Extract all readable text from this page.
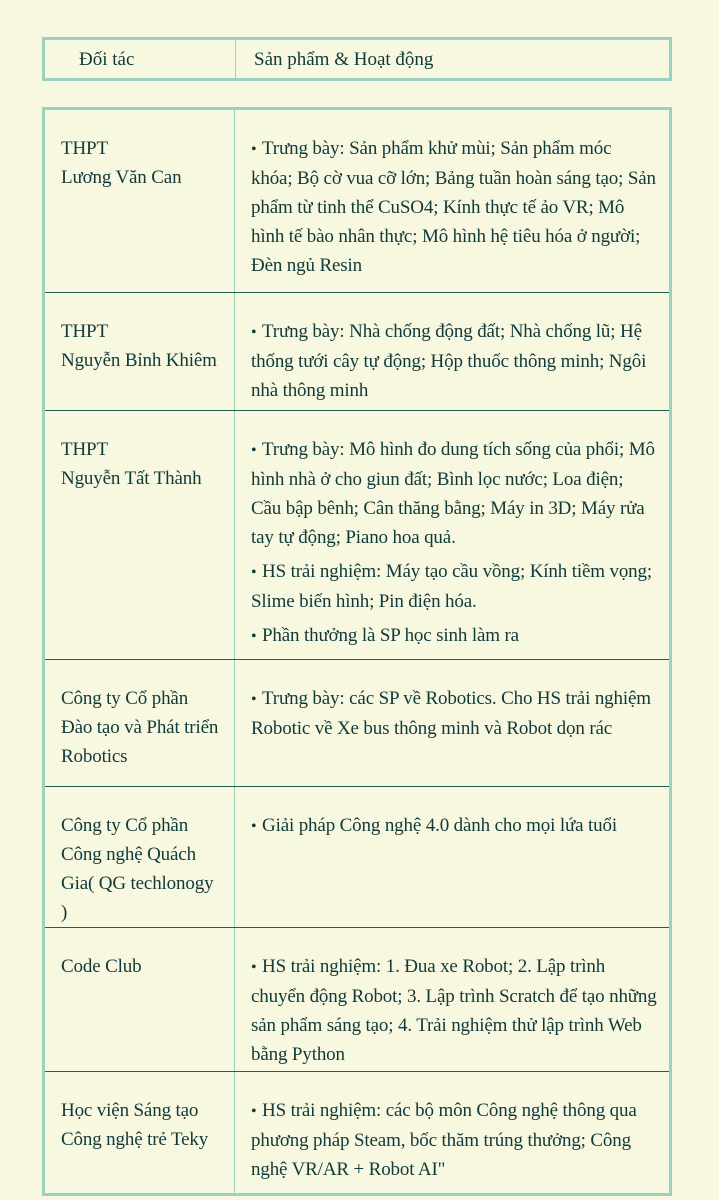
Đối tác	Sản phẩm & Hoạt động
THPT
Lương Văn Can	• Trưng bày: Sản phẩm khử mùi; Sản phẩm móc khóa; Bộ cờ vua cỡ lớn; Bảng tuần hoàn sáng tạo; Sản phẩm từ tinh thể CuSO4; Kính thực tế ảo VR; Mô hình tế bào nhân thực; Mô hình hệ tiêu hóa ở người; Đèn ngủ Resin

THPT
Nguyễn Bỉnh Khiêm	• Trưng bày: Nhà chống động đất; Nhà chống lũ; Hệ thống tưới cây tự động; Hộp thuốc thông minh; Ngôi nhà thông minh

THPT
Nguyễn Tất Thành	• Trưng bày: Mô hình đo dung tích sống của phổi; Mô hình nhà ở cho giun đất; Bình lọc nước; Loa điện; Cầu bập bênh; Cân thăng bằng; Máy in 3D; Máy rửa tay tự động; Piano hoa quả.
• HS trải nghiệm: Máy tạo cầu vồng; Kính tiềm vọng; Slime biến hình; Pin điện hóa.
• Phần thưởng là SP học sinh làm ra

Công ty Cổ phần
Đào tạo và Phát triển
Robotics	• Trưng bày: các SP về Robotics. Cho HS trải nghiệm Robotic về Xe bus thông minh và Robot dọn rác

Công ty Cổ phần
Công nghệ Quách
Gia( QG techlonogy )	• Giải pháp Công nghệ 4.0 dành cho mọi lứa tuổi

Code Club	• HS trải nghiệm: 1. Đua xe Robot; 2. Lập trình chuyển động Robot; 3. Lập trình Scratch để tạo những sản phẩm sáng tạo; 4. Trải nghiệm thử lập trình Web bằng Python

Học viện Sáng tạo
Công nghệ trẻ Teky	• HS trải nghiệm: các bộ môn Công nghệ thông qua phương pháp Steam, bốc thăm trúng thưởng; Công nghệ VR/AR + Robot AI"
